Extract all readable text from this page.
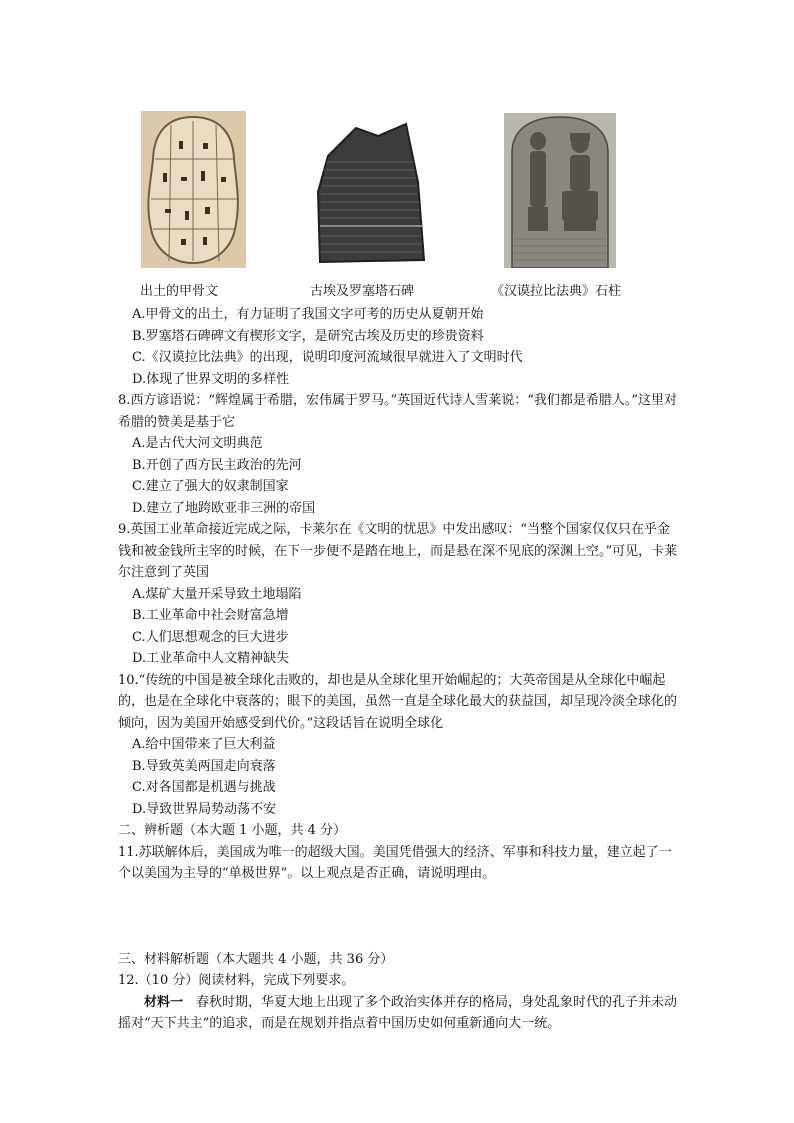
出土的甲骨文	古埃及罗塞塔石碑	《汉谟拉比法典》石柱
A.甲骨文的出土，有力证明了我国文字可考的历史从夏朝开始
B.罗塞塔石碑碑文有楔形文字，是研究古埃及历史的珍贵资料
C.《汉谟拉比法典》的出现，说明印度河流域很早就进入了文明时代
D.体现了世界文明的多样性
8.西方谚语说：“辉煌属于希腊，宏伟属于罗马。”英国近代诗人雪莱说：“我们都是希腊人。”这里对希腊的赞美是基于它
A.是古代大河文明典范
B.开创了西方民主政治的先河
C.建立了强大的奴隶制国家
D.建立了地跨欧亚非三洲的帝国
9.英国工业革命接近完成之际，卡莱尔在《文明的忧思》中发出感叹：“当整个国家仅仅只在乎金钱和被金钱所主宰的时候，在下一步便不是踏在地上，而是悬在深不见底的深渊上空。”可见，卡莱尔注意到了英国
A.煤矿大量开采导致土地塌陷
B.工业革命中社会财富急增
C.人们思想观念的巨大进步
D.工业革命中人文精神缺失
10.“传统的中国是被全球化击败的，却也是从全球化里开始崛起的；大英帝国是从全球化中崛起的，也是在全球化中衰落的；眼下的美国，虽然一直是全球化最大的获益国，却呈现冷淡全球化的倾向，因为美国开始感受到代价。”这段话旨在说明全球化
A.给中国带来了巨大利益
B.导致英美两国走向衰落
C.对各国都是机遇与挑战
D.导致世界局势动荡不安
二、辨析题（本大题 1 小题，共 4 分）
11.苏联解体后，美国成为唯一的超级大国。美国凭借强大的经济、军事和科技力量，建立起了一个以美国为主导的“单极世界”。以上观点是否正确，请说明理由。
三、材料解析题（本大题共 4 小题，共 36 分）
12.（10 分）阅读材料，完成下列要求。
材料一　春秋时期，华夏大地上出现了多个政治实体并存的格局，身处乱象时代的孔子并未动摇对“天下共主”的追求，而是在规划并指点着中国历史如何重新通向大一统。
